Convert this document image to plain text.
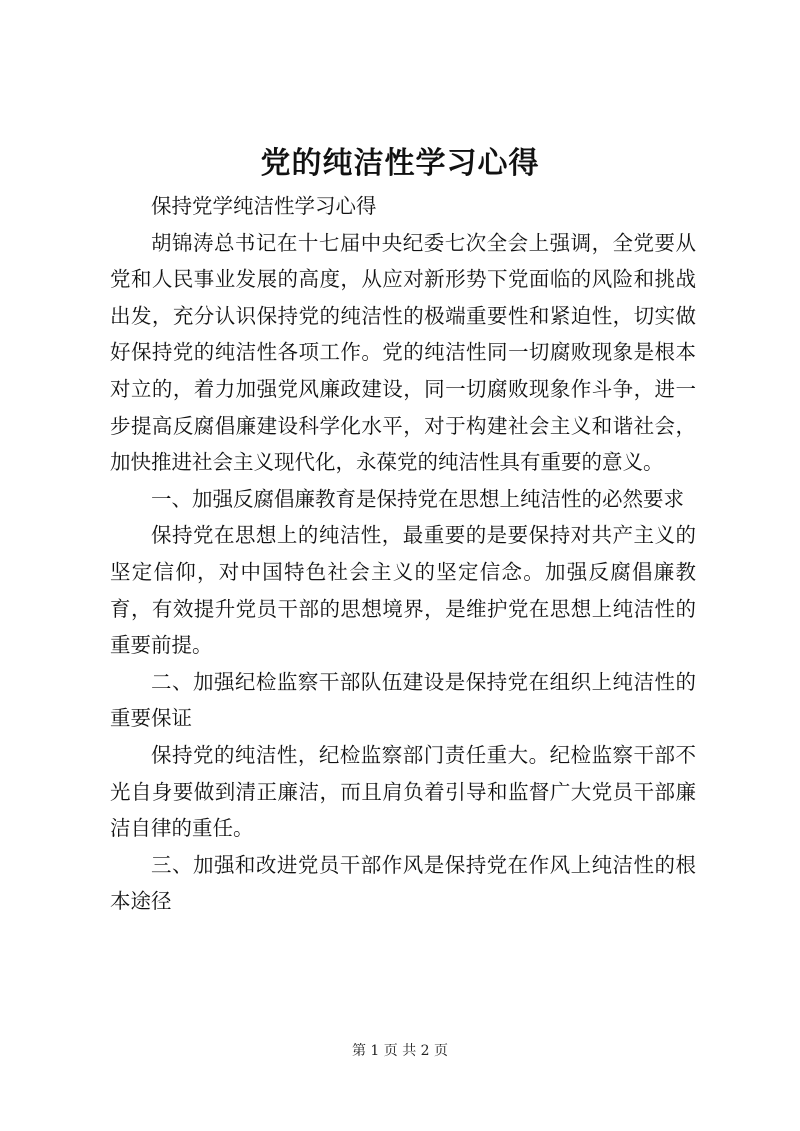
党的纯洁性学习心得

保持党学纯洁性学习心得

胡锦涛总书记在十七届中央纪委七次全会上强调，全党要从党和人民事业发展的高度，从应对新形势下党面临的风险和挑战出发，充分认识保持党的纯洁性的极端重要性和紧迫性，切实做好保持党的纯洁性各项工作。党的纯洁性同一切腐败现象是根本对立的，着力加强党风廉政建设，同一切腐败现象作斗争，进一步提高反腐倡廉建设科学化水平，对于构建社会主义和谐社会，加快推进社会主义现代化，永葆党的纯洁性具有重要的意义。

一、加强反腐倡廉教育是保持党在思想上纯洁性的必然要求

保持党在思想上的纯洁性，最重要的是要保持对共产主义的坚定信仰，对中国特色社会主义的坚定信念。加强反腐倡廉教育，有效提升党员干部的思想境界，是维护党在思想上纯洁性的重要前提。

二、加强纪检监察干部队伍建设是保持党在组织上纯洁性的重要保证

保持党的纯洁性，纪检监察部门责任重大。纪检监察干部不光自身要做到清正廉洁，而且肩负着引导和监督广大党员干部廉洁自律的重任。

三、加强和改进党员干部作风是保持党在作风上纯洁性的根本途径

第 1 页 共 2 页
